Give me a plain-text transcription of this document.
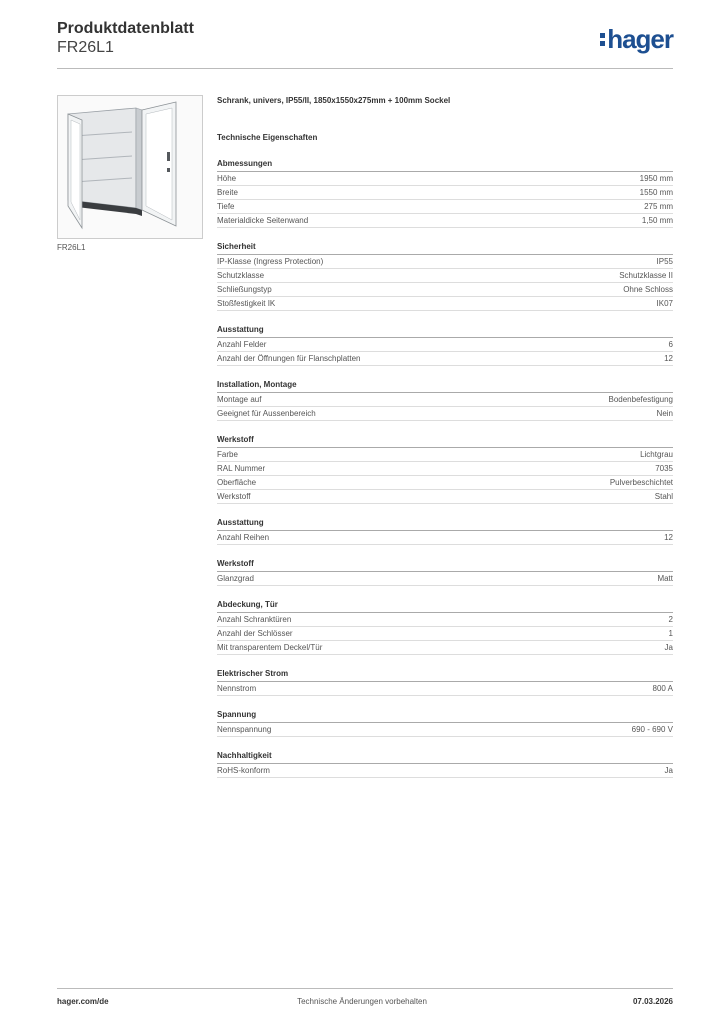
Produktdatenblatt
FR26L1	hager
FR26L1
Schrank, univers, IP55/II, 1850x1550x275mm + 100mm Sockel
Technische Eigenschaften
Abmessungen
Höhe	1950 mm
Breite	1550 mm
Tiefe	275 mm
Materialdicke Seitenwand	1,50 mm
Sicherheit
IP-Klasse (Ingress Protection)	IP55
Schutzklasse	Schutzklasse II
Schließungstyp	Ohne Schloss
Stoßfestigkeit IK	IK07
Ausstattung
Anzahl Felder	6
Anzahl der Öffnungen für Flanschplatten	12
Installation, Montage
Montage auf	Bodenbefestigung
Geeignet für Aussenbereich	Nein
Werkstoff
Farbe	Lichtgrau
RAL Nummer	7035
Oberfläche	Pulverbeschichtet
Werkstoff	Stahl
Ausstattung
Anzahl Reihen	12
Werkstoff
Glanzgrad	Matt
Abdeckung, Tür
Anzahl Schranktüren	2
Anzahl der Schlösser	1
Mit transparentem Deckel/Tür	Ja
Elektrischer Strom
Nennstrom	800 A
Spannung
Nennspannung	690 - 690 V
Nachhaltigkeit
RoHS-konform	Ja
Technische Änderungen vorbehalten
hager.com/de	07.03.2026
